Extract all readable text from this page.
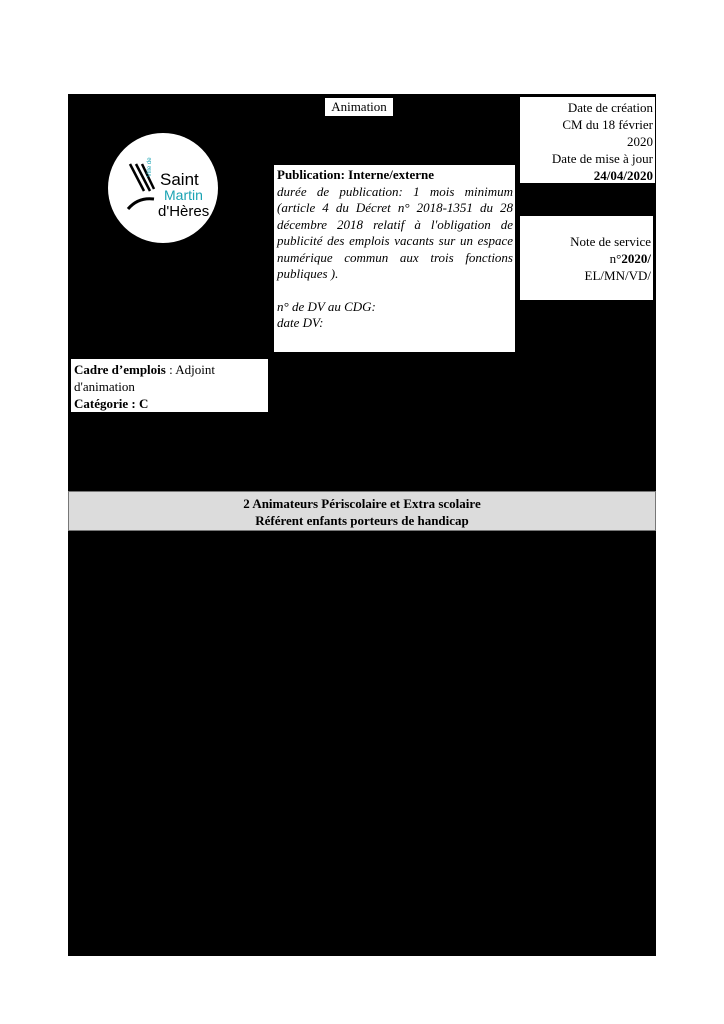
Animation
Ville de
Saint
Martin
d'Hères
Date de création
CM du 18 février
2020
Date de mise à jour
24/04/2020
Publication: Interne/externe
durée de publication: 1 mois minimum (article 4 du Décret n° 2018-1351 du 28 décembre 2018 relatif à l'obligation de publicité des emplois vacants sur un espace numérique commun aux trois fonctions publiques ).
n° de DV au CDG:
date DV:
Note de service
n°2020/
EL/MN/VD/
Cadre d’emplois : Adjoint d'animation
Catégorie : C
2 Animateurs Périscolaire et Extra scolaire
Référent enfants porteurs de handicap
